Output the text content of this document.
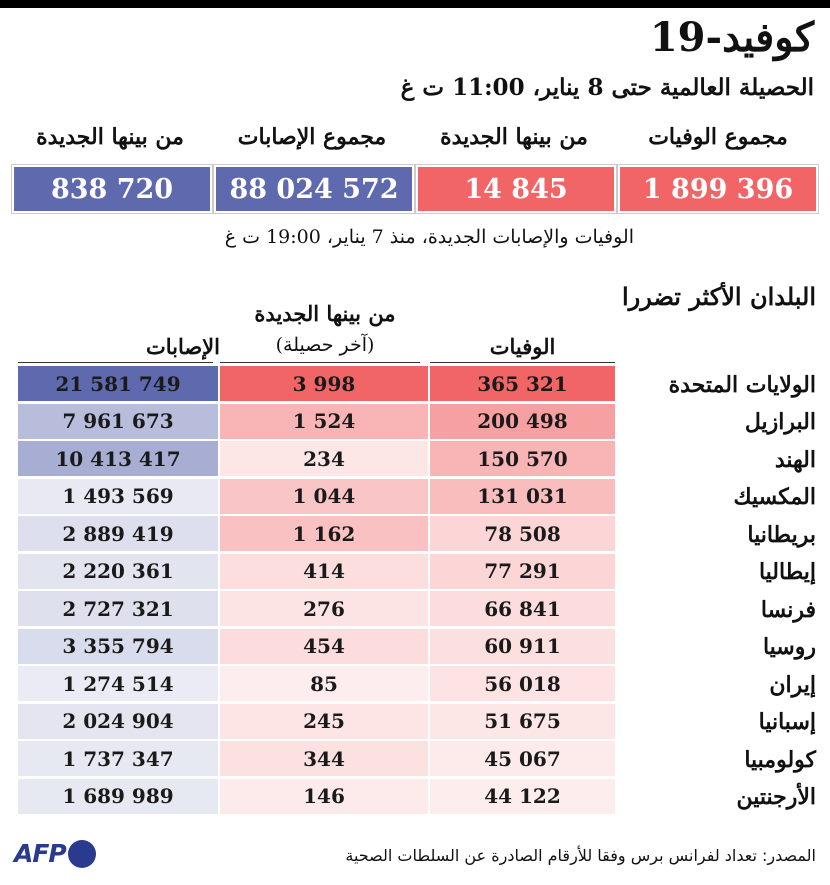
كوفيد-19
الحصيلة العالمية حتى 8 يناير، 11:00 ت غ
مجموع الوفيات
من بينها الجديدة
مجموع الإصابات
من بينها الجديدة
1 899 396
14 845
88 024 572
838 720
الوفيات والإصابات الجديدة، منذ 7 يناير، 19:00 ت غ
البلدان الأكثر تضررا
الوفيات
من بينها الجديدة
(آخر حصيلة)
الإصابات
الولايات المتحدة
365 321
3 998
21 581 749
البرازيل
200 498
1 524
7 961 673
الهند
150 570
234
10 413 417
المكسيك
131 031
1 044
1 493 569
بريطانيا
78 508
1 162
2 889 419
إيطاليا
77 291
414
2 220 361
فرنسا
66 841
276
2 727 321
روسيا
60 911
454
3 355 794
إيران
56 018
85
1 274 514
إسبانيا
51 675
245
2 024 904
كولومبيا
45 067
344
1 737 347
الأرجنتين
44 122
146
1 689 989
AFP	المصدر: تعداد لفرانس برس وفقا للأرقام الصادرة عن السلطات الصحية
